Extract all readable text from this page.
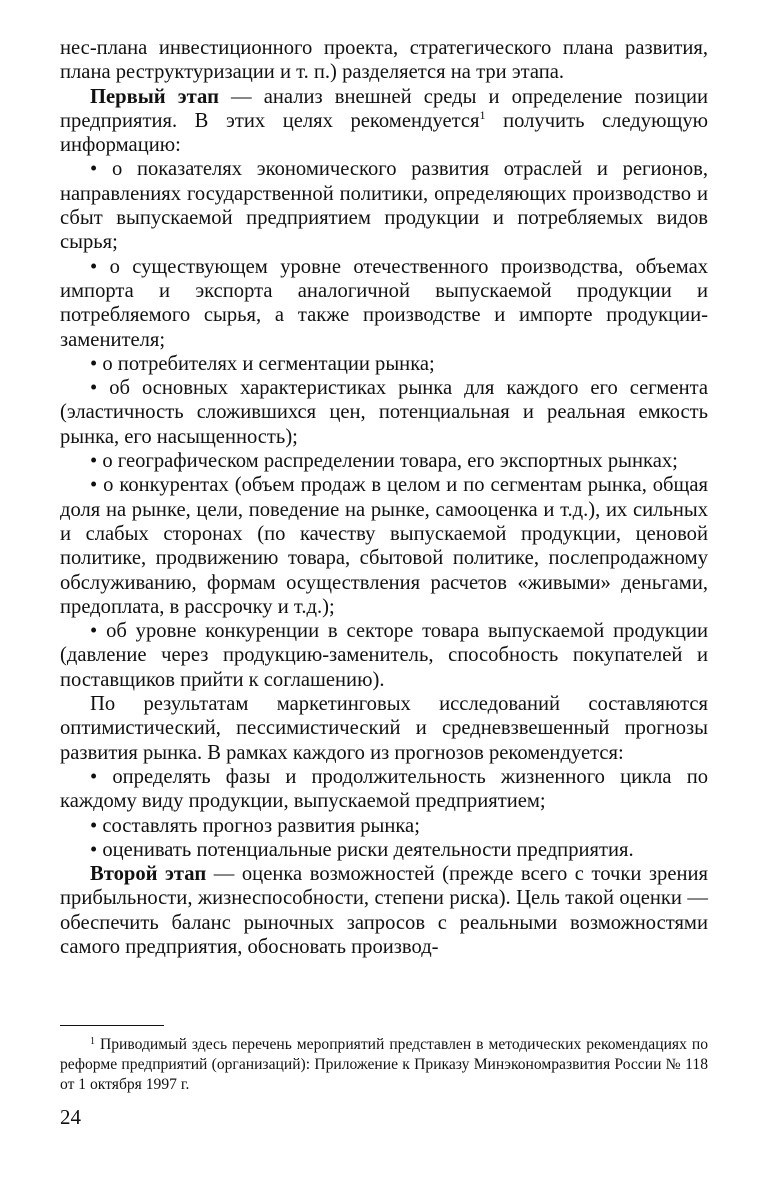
нес-плана инвестиционного проекта, стратегического плана развития, плана реструктуризации и т. п.) разделяется на три этапа.

Первый этап — анализ внешней среды и определение позиции предприятия. В этих целях рекомендуется$^1$ получить следующую информацию:

• о показателях экономического развития отраслей и регионов, направлениях государственной политики, определяющих производство и сбыт выпускаемой предприятием продукции и потребляемых видов сырья;

• о существующем уровне отечественного производства, объемах импорта и экспорта аналогичной выпускаемой продукции и потребляемого сырья, а также производстве и импорте продукции-заменителя;

• о потребителях и сегментации рынка;

• об основных характеристиках рынка для каждого его сегмента (эластичность сложившихся цен, потенциальная и реальная емкость рынка, его насыщенность);

• о географическом распределении товара, его экспортных рынках;

• о конкурентах (объем продаж в целом и по сегментам рынка, общая доля на рынке, цели, поведение на рынке, самооценка и т.д.), их сильных и слабых сторонах (по качеству выпускаемой продукции, ценовой политике, продвижению товара, сбытовой политике, послепродажному обслуживанию, формам осуществления расчетов «живыми» деньгами, предоплата, в рассрочку и т.д.);

• об уровне конкуренции в секторе товара выпускаемой продукции (давление через продукцию-заменитель, способность покупателей и поставщиков прийти к соглашению).

По результатам маркетинговых исследований составляются оптимистический, пессимистический и средневзвешенный прогнозы развития рынка. В рамках каждого из прогнозов рекомендуется:

• определять фазы и продолжительность жизненного цикла по каждому виду продукции, выпускаемой предприятием;

• составлять прогноз развития рынка;

• оценивать потенциальные риски деятельности предприятия.

Второй этап — оценка возможностей (прежде всего с точки зрения прибыльности, жизнеспособности, степени риска). Цель такой оценки — обеспечить баланс рыночных запросов с реальными возможностями самого предприятия, обосновать производ-

$^1$ Приводимый здесь перечень мероприятий представлен в методических рекомендациях по реформе предприятий (организаций): Приложение к Приказу Минэкономразвития России № 118 от 1 октября 1997 г.

24
